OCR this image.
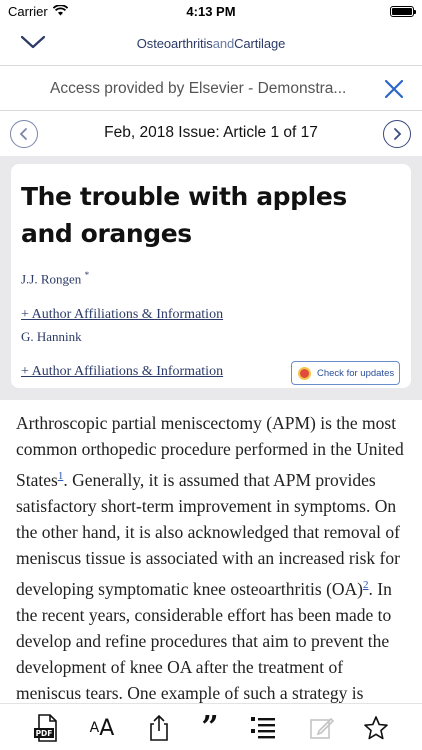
Carrier	4:13 PM
OsteoarthritisandCartilage
Access provided by Elsevier - Demonstra...
Feb, 2018 Issue: Article 1 of 17
The trouble with apples and oranges
J.J. Rongen *
+ Author Affiliations & Information
G. Hannink
+ Author Affiliations & Information	Check for updates
Arthroscopic partial meniscectomy (APM) is the most common orthopedic procedure performed in the United States$^1$. Generally, it is assumed that APM provides satisfactory short-term improvement in symptoms. On the other hand, it is also acknowledged that removal of meniscus tissue is associated with an increased risk for developing symptomatic knee osteoarthritis (OA)$^2$. In the recent years, considerable effort has been made to develop and refine procedures that aim to prevent the development of knee OA after the treatment of meniscus tears. One example of such a strategy is
PDF	A A	”
